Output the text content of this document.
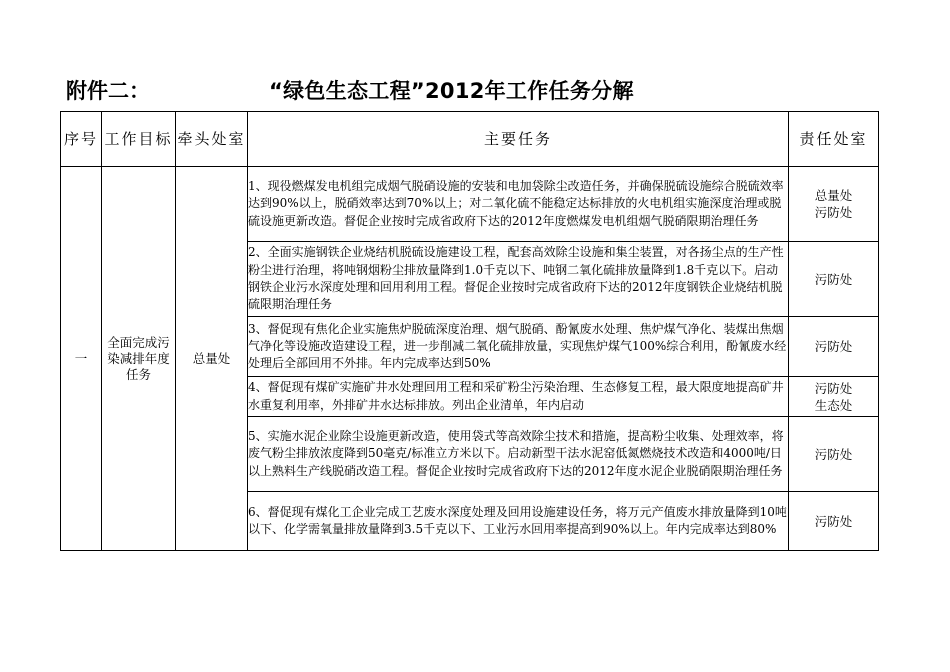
附件二：	“绿色生态工程”2012年工作任务分解
序号	工作目标	牵头处室	主要任务	责任处室
一	全面完成污染减排年度任务	总量处	1、现役燃煤发电机组完成烟气脱硝设施的安装和电加袋除尘改造任务，并确保脱硫设施综合脱硫效率达到90%以上，脱硝效率达到70%以上；对二氧化硫不能稳定达标排放的火电机组实施深度治理或脱硫设施更新改造。督促企业按时完成省政府下达的2012年度燃煤发电机组烟气脱硝限期治理任务	总量处
污防处

			2、全面实施钢铁企业烧结机脱硫设施建设工程，配套高效除尘设施和集尘装置，对各扬尘点的生产性粉尘进行治理，将吨钢烟粉尘排放量降到1.0千克以下、吨钢二氧化硫排放量降到1.8千克以下。启动钢铁企业污水深度处理和回用利用工程。督促企业按时完成省政府下达的2012年度钢铁企业烧结机脱硫限期治理任务	污防处

			3、督促现有焦化企业实施焦炉脱硫深度治理、烟气脱硝、酚氰废水处理、焦炉煤气净化、装煤出焦烟气净化等设施改造建设工程，进一步削减二氧化硫排放量，实现焦炉煤气100%综合利用，酚氰废水经处理后全部回用不外排。年内完成率达到50%	污防处

			4、督促现有煤矿实施矿井水处理回用工程和采矿粉尘污染治理、生态修复工程，最大限度地提高矿井水重复利用率，外排矿井水达标排放。列出企业清单，年内启动	污防处
生态处

			5、实施水泥企业除尘设施更新改造，使用袋式等高效除尘技术和措施，提高粉尘收集、处理效率，将废气粉尘排放浓度降到50毫克/标准立方米以下。启动新型干法水泥窑低氮燃烧技术改造和4000吨/日以上熟料生产线脱硝改造工程。督促企业按时完成省政府下达的2012年度水泥企业脱硝限期治理任务	污防处

			6、督促现有煤化工企业完成工艺废水深度处理及回用设施建设任务，将万元产值废水排放量降到10吨以下、化学需氧量排放量降到3.5千克以下、工业污水回用率提高到90%以上。年内完成率达到80%	污防处
